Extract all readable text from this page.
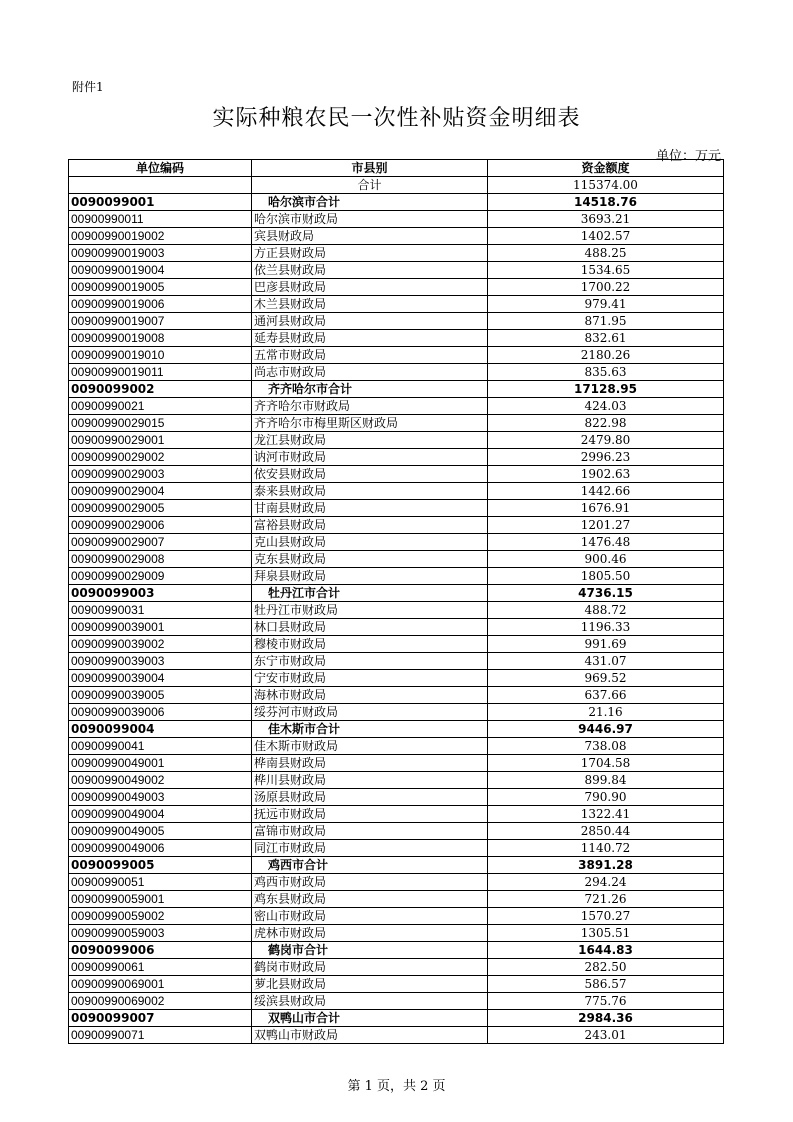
附件1
实际种粮农民一次性补贴资金明细表
单位：万元
单位编码	市县别	资金额度
	合计	115374.00
0090099001	哈尔滨市合计	14518.76
00900990011	哈尔滨市财政局	3693.21
00900990019002	宾县财政局	1402.57
00900990019003	方正县财政局	488.25
00900990019004	依兰县财政局	1534.65
00900990019005	巴彦县财政局	1700.22
00900990019006	木兰县财政局	979.41
00900990019007	通河县财政局	871.95
00900990019008	延寿县财政局	832.61
00900990019010	五常市财政局	2180.26
00900990019011	尚志市财政局	835.63
0090099002	齐齐哈尔市合计	17128.95
00900990021	齐齐哈尔市财政局	424.03
00900990029015	齐齐哈尔市梅里斯区财政局	822.98
00900990029001	龙江县财政局	2479.80
00900990029002	讷河市财政局	2996.23
00900990029003	依安县财政局	1902.63
00900990029004	泰来县财政局	1442.66
00900990029005	甘南县财政局	1676.91
00900990029006	富裕县财政局	1201.27
00900990029007	克山县财政局	1476.48
00900990029008	克东县财政局	900.46
00900990029009	拜泉县财政局	1805.50
0090099003	牡丹江市合计	4736.15
00900990031	牡丹江市财政局	488.72
00900990039001	林口县财政局	1196.33
00900990039002	穆棱市财政局	991.69
00900990039003	东宁市财政局	431.07
00900990039004	宁安市财政局	969.52
00900990039005	海林市财政局	637.66
00900990039006	绥芬河市财政局	21.16
0090099004	佳木斯市合计	9446.97
00900990041	佳木斯市财政局	738.08
00900990049001	桦南县财政局	1704.58
00900990049002	桦川县财政局	899.84
00900990049003	汤原县财政局	790.90
00900990049004	抚远市财政局	1322.41
00900990049005	富锦市财政局	2850.44
00900990049006	同江市财政局	1140.72
0090099005	鸡西市合计	3891.28
00900990051	鸡西市财政局	294.24
00900990059001	鸡东县财政局	721.26
00900990059002	密山市财政局	1570.27
00900990059003	虎林市财政局	1305.51
0090099006	鹤岗市合计	1644.83
00900990061	鹤岗市财政局	282.50
00900990069001	萝北县财政局	586.57
00900990069002	绥滨县财政局	775.76
0090099007	双鸭山市合计	2984.36
00900990071	双鸭山市财政局	243.01
第 1 页，共 2 页
